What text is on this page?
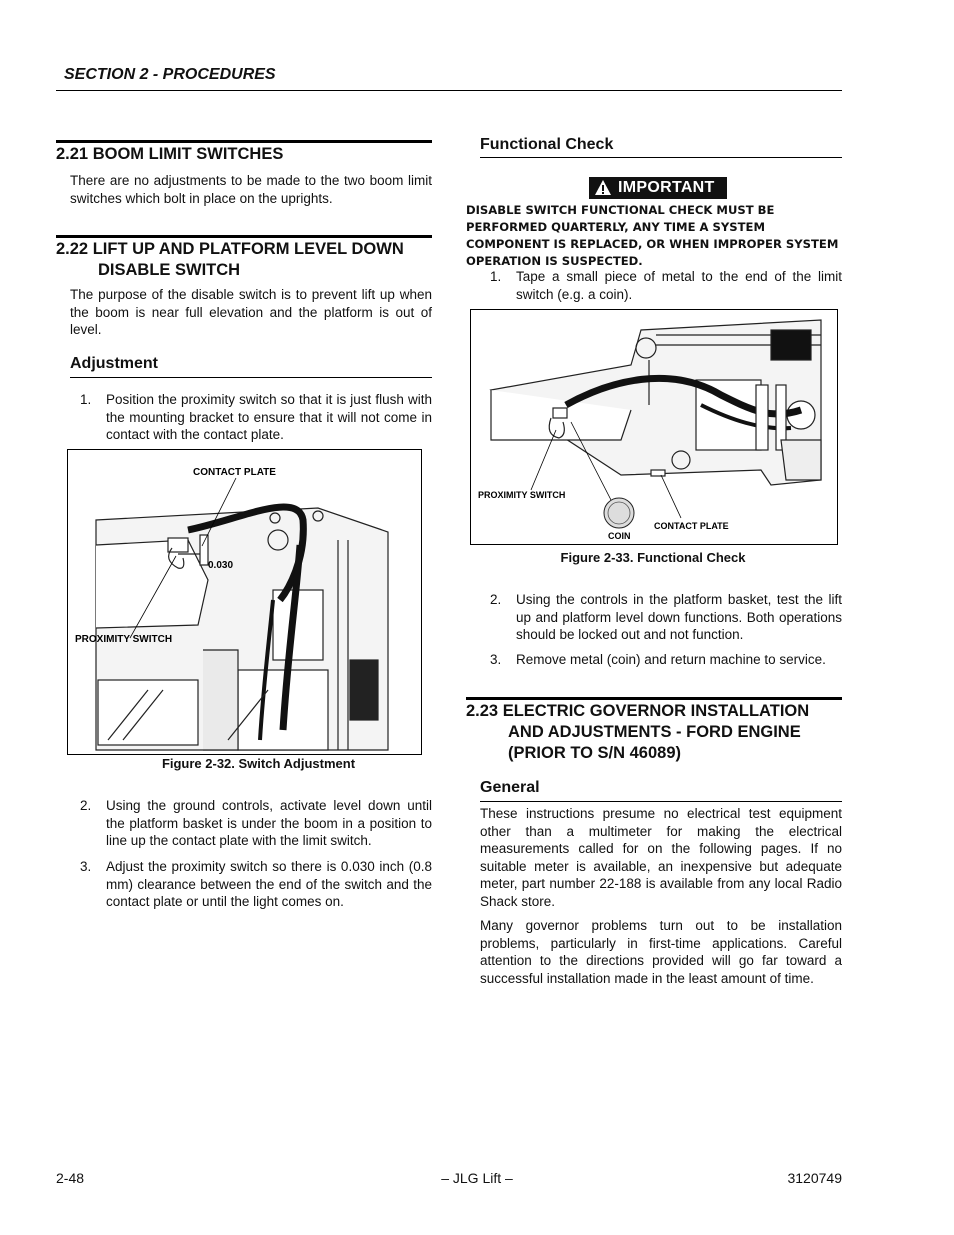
SECTION 2 - PROCEDURES
2.21 BOOM LIMIT SWITCHES

There are no adjustments to be made to the two boom limit switches which bolt in place on the uprights.

2.22 LIFT UP AND PLATFORM LEVEL DOWN
DISABLE SWITCH

The purpose of the disable switch is to prevent lift up when the boom is near full elevation and the platform is out of level.

Adjustment
1. Position the proximity switch so that it is just flush with the mounting bracket to ensure that it will not come in contact with the contact plate.
CONTACT PLATE
0.030
PROXIMITY SWITCH
Figure 2-32. Switch Adjustment
2. Using the ground controls, activate level down until the platform basket is under the boom in a position to line up the contact plate with the limit switch.
3. Adjust the proximity switch so there is 0.030 inch (0.8 mm) clearance between the end of the switch and the contact plate or until the light comes on.
Functional Check
IMPORTANT

DISABLE SWITCH FUNCTIONAL CHECK MUST BE PERFORMED QUARTERLY, ANY TIME A SYSTEM COMPONENT IS REPLACED, OR WHEN IMPROPER SYSTEM OPERATION IS SUSPECTED.

1. Tape a small piece of metal to the end of the limit switch (e.g. a coin).
PROXIMITY SWITCH
COIN
CONTACT PLATE
Figure 2-33. Functional Check
2. Using the controls in the platform basket, test the lift up and platform level down functions. Both operations should be locked out and not function.
3. Remove metal (coin) and return machine to service.
2.23 ELECTRIC GOVERNOR INSTALLATION
AND ADJUSTMENTS - FORD ENGINE
(PRIOR TO S/N 46089)
General

These instructions presume no electrical test equipment other than a multimeter for making the electrical measurements called for on the following pages. If no suitable meter is available, an inexpensive but adequate meter, part number 22-188 is available from any local Radio Shack store.

Many governor problems turn out to be installation problems, particularly in first-time applications. Careful attention to the directions provided will go far toward a successful installation made in the least amount of time.

2-48	– JLG Lift –	3120749
